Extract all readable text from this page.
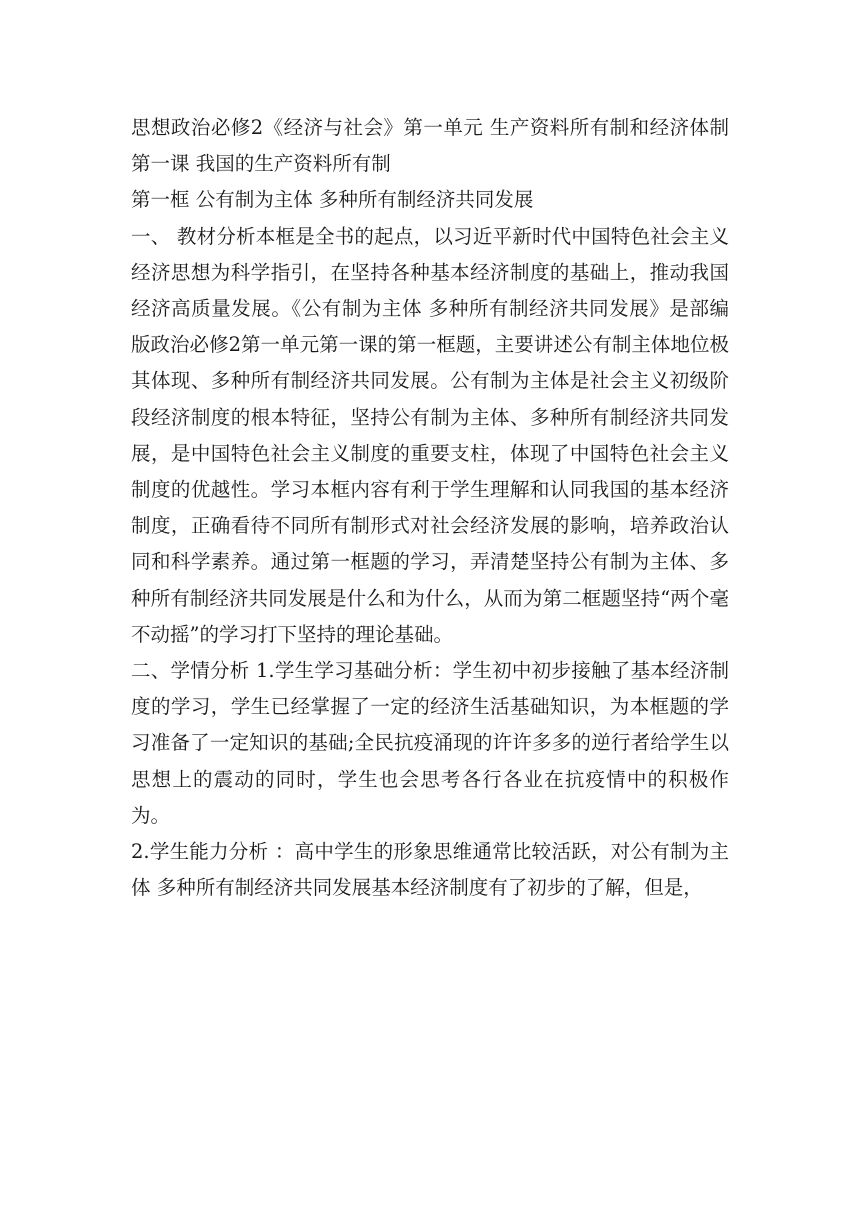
思想政治必修2《经济与社会》第一单元 生产资料所有制和经济体制第一课 我国的生产资料所有制

第一框 公有制为主体 多种所有制经济共同发展

一、 教材分析本框是全书的起点，以习近平新时代中国特色社会主义经济思想为科学指引，在坚持各种基本经济制度的基础上，推动我国经济高质量发展。《公有制为主体 多种所有制经济共同发展》是部编版政治必修2第一单元第一课的第一框题，主要讲述公有制主体地位极其体现、多种所有制经济共同发展。公有制为主体是社会主义初级阶段经济制度的根本特征，坚持公有制为主体、多种所有制经济共同发展，是中国特色社会主义制度的重要支柱，体现了中国特色社会主义制度的优越性。学习本框内容有利于学生理解和认同我国的基本经济制度，正确看待不同所有制形式对社会经济发展的影响，培养政治认同和科学素养。通过第一框题的学习，弄清楚坚持公有制为主体、多种所有制经济共同发展是什么和为什么，从而为第二框题坚持“两个毫不动摇”的学习打下坚持的理论基础。

二、学情分析 1.学生学习基础分析：学生初中初步接触了基本经济制度的学习，学生已经掌握了一定的经济生活基础知识，为本框题的学习准备了一定知识的基础;全民抗疫涌现的许许多多的逆行者给学生以思想上的震动的同时，学生也会思考各行各业在抗疫情中的积极作为。

2.学生能力分析 ：高中学生的形象思维通常比较活跃，对公有制为主体 多种所有制经济共同发展基本经济制度有了初步的了解，但是，
